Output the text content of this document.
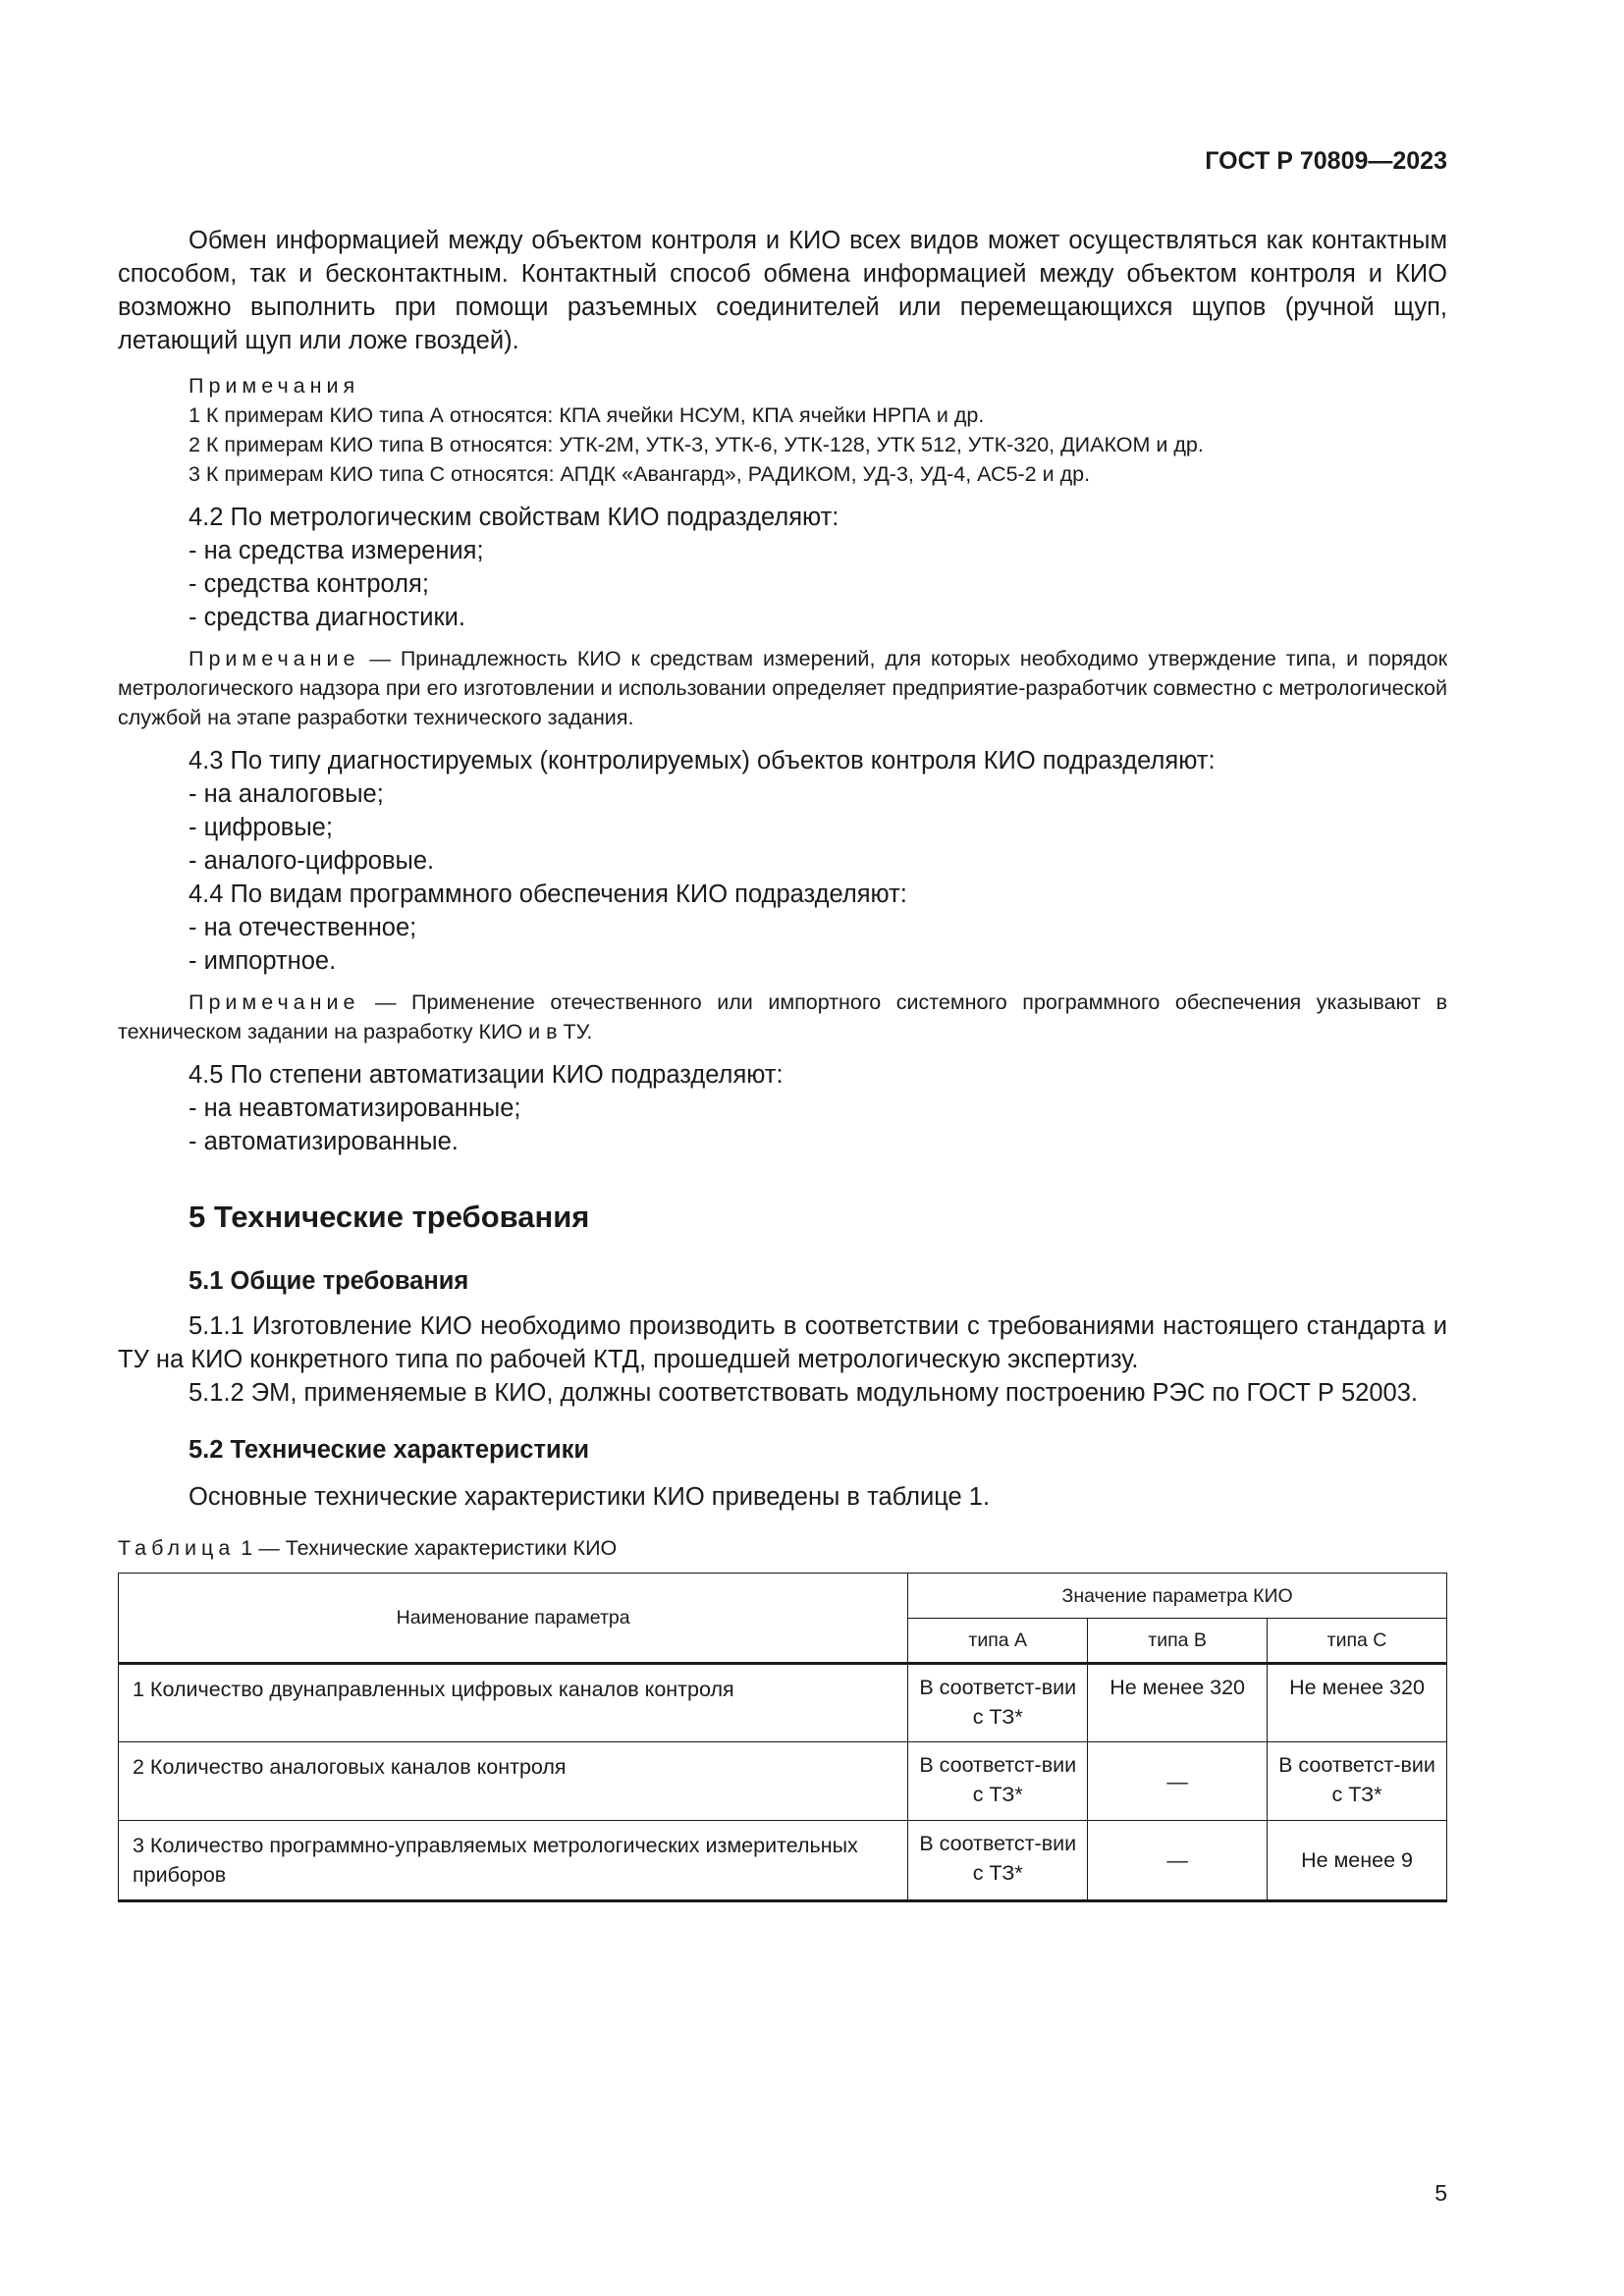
ГОСТ Р 70809—2023

Обмен информацией между объектом контроля и КИО всех видов может осуществляться как контактным способом, так и бесконтактным. Контактный способ обмена информацией между объектом контроля и КИО возможно выполнить при помощи разъемных соединителей или перемещающихся щупов (ручной щуп, летающий щуп или ложе гвоздей).

Примечания

1 К примерам КИО типа А относятся: КПА ячейки НСУМ, КПА ячейки НРПА и др.

2 К примерам КИО типа В относятся: УТК-2М, УТК-3, УТК-6, УТК-128, УТК 512, УТК-320, ДИАКОМ и др.

3 К примерам КИО типа С относятся: АПДК «Авангард», РАДИКОМ, УД-3, УД-4, АС5-2 и др.

4.2 По метрологическим свойствам КИО подразделяют:

- на средства измерения;

- средства контроля;

- средства диагностики.

Примечание — Принадлежность КИО к средствам измерений, для которых необходимо утверждение типа, и порядок метрологического надзора при его изготовлении и использовании определяет предприятие-разработчик совместно с метрологической службой на этапе разработки технического задания.

4.3 По типу диагностируемых (контролируемых) объектов контроля КИО подразделяют:

- на аналоговые;

- цифровые;

- аналого-цифровые.

4.4 По видам программного обеспечения КИО подразделяют:

- на отечественное;

- импортное.

Примечание — Применение отечественного или импортного системного программного обеспечения указывают в техническом задании на разработку КИО и в ТУ.

4.5 По степени автоматизации КИО подразделяют:

- на неавтоматизированные;

- автоматизированные.

5 Технические требования
5.1 Общие требования

5.1.1 Изготовление КИО необходимо производить в соответствии с требованиями настоящего стандарта и ТУ на КИО конкретного типа по рабочей КТД, прошедшей метрологическую экспертизу.

5.1.2 ЭМ, применяемые в КИО, должны соответствовать модульному построению РЭС по ГОСТ Р 52003.

5.2 Технические характеристики

Основные технические характеристики КИО приведены в таблице 1.

Таблица 1 — Технические характеристики КИО

Наименование параметра	Значение параметра КИО		
	типа А	типа В	типа С
1 Количество двунаправленных цифровых каналов контроля	В соответст-вии с ТЗ*	Не менее 320	Не менее 320
2 Количество аналоговых каналов контроля	В соответст-вии с ТЗ*	—	В соответст-вии с ТЗ*
3 Количество программно-управляемых метрологических измерительных приборов	В соответст-вии с ТЗ*	—	Не менее 9
5
